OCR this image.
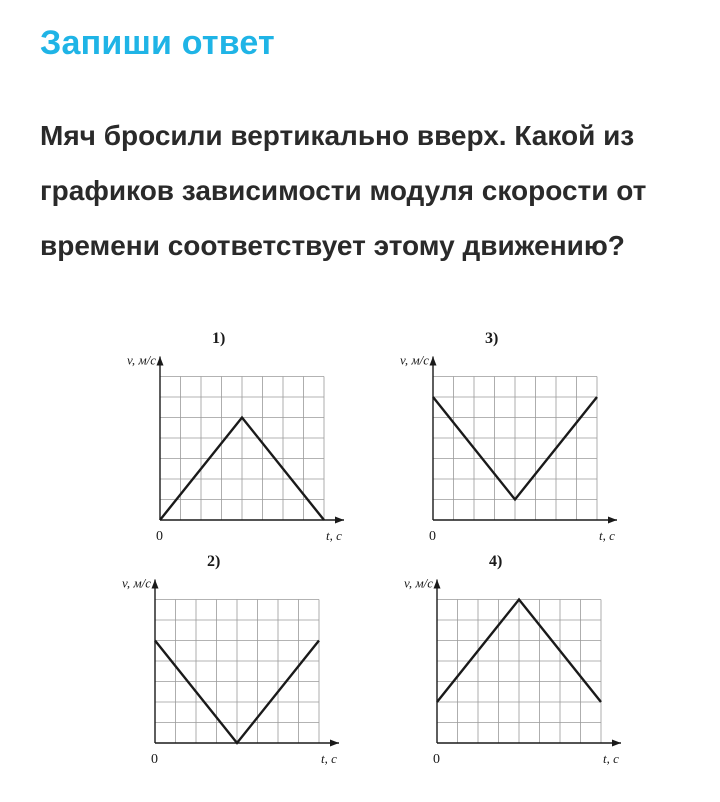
Запиши ответ

Мяч бросили вертикально вверх. Какой из графиков зависимости модуля скорости от времени соответствует этому движению?

1)
v, м/с
t, с
0
3)
v, м/с
t, с
0
2)
v, м/с
t, с
0
4)
v, м/с
t, с
0
